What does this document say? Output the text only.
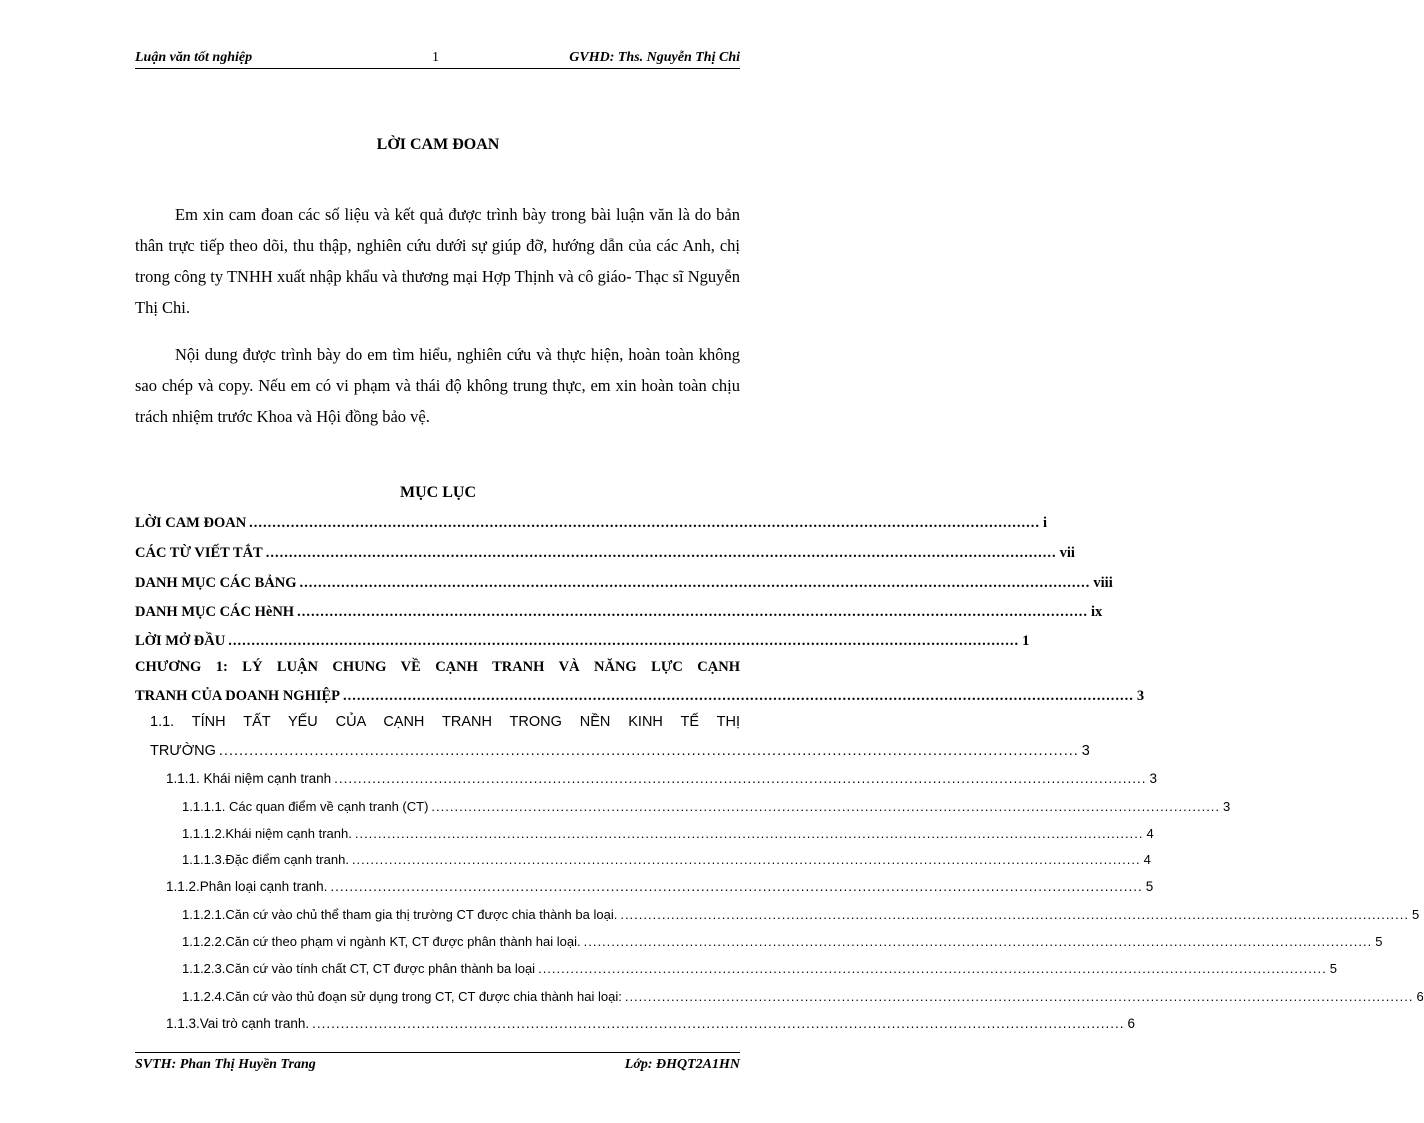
Luận văn tốt nghiệp	1	GVHD: Ths. Nguyễn Thị Chi
LỜI CAM ĐOAN

Em xin cam đoan các số liệu và kết quả được trình bày trong bài luận văn là do bản thân trực tiếp theo dõi, thu thập, nghiên cứu dưới sự giúp đỡ, hướng dẫn của các Anh, chị trong công ty TNHH xuất nhập khẩu và thương mại Hợp Thịnh và cô giáo- Thạc sĩ Nguyễn Thị Chi.

Nội dung được trình bày do em tìm hiểu, nghiên cứu và thực hiện, hoàn toàn không sao chép và copy. Nếu em có vi phạm và thái độ không trung thực, em xin hoàn toàn chịu trách nhiệm trước Khoa và Hội đồng bảo vệ.

MỤC LỤC
LỜI CAM ĐOAN ........................................................................................................................................................................... i
CÁC TỪ VIẾT TẮT ........................................................................................................................................................................... vii
DANH MỤC CÁC BẢNG ........................................................................................................................................................................... viii
DANH MỤC CÁC HèNH ........................................................................................................................................................................... ix
LỜI MỞ ĐẦU ........................................................................................................................................................................... 1
CHƯƠNG 1: LÝ LUẬN CHUNG VỀ CẠNH TRANH VÀ NĂNG LỰC CẠNH
TRANH CỦA DOANH NGHIỆP ........................................................................................................................................................................... 3
1.1. TÍNH TẤT YẾU CỦA CẠNH TRANH TRONG NỀN KINH TẾ THỊ
TRƯỜNG ........................................................................................................................................................................... 3
1.1.1. Khái niệm cạnh tranh ........................................................................................................................................................................... 3
1.1.1.1. Các quan điểm về cạnh tranh (CT) ........................................................................................................................................................................... 3
1.1.1.2.Khái niệm cạnh tranh. ........................................................................................................................................................................... 4
1.1.1.3.Đặc điểm cạnh tranh. ........................................................................................................................................................................... 4
1.1.2.Phân loại cạnh tranh. ........................................................................................................................................................................... 5
1.1.2.1.Căn cứ vào chủ thể tham gia thị trường CT được chia thành ba loại. ........................................................................................................................................................................... 5
1.1.2.2.Căn cứ theo phạm vi ngành KT, CT được phân thành hai loại. ........................................................................................................................................................................... 5
1.1.2.3.Căn cứ vào tính chất CT, CT được phân thành ba loại ........................................................................................................................................................................... 5
1.1.2.4.Căn cứ vào thủ đoạn sử dụng trong CT, CT được chia thành hai loại: ........................................................................................................................................................................... 6
1.1.3.Vai trò cạnh tranh. ........................................................................................................................................................................... 6
SVTH: Phan Thị Huyền Trang	Lớp: ĐHQT2A1HN
